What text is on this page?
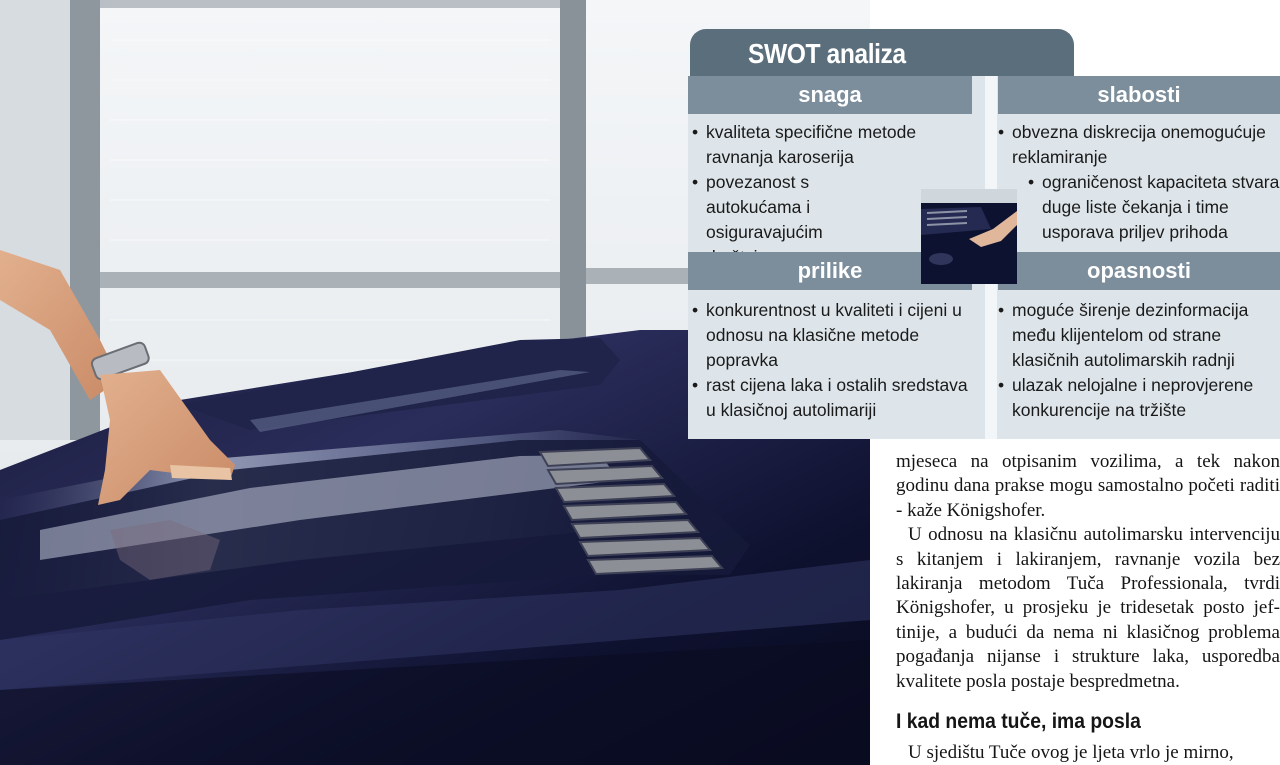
SWOT analiza
snaga
• kvaliteta specifične metode ravnanja karoserija
• povezanost s autokućama i osiguravajućim
slabosti
• obvezna diskrecija onemogućuje reklamiranje
• ograničenost kapaciteta stvara duge liste čekanja i time usporava priljev prihoda
prilike
• konkurentnost u kvaliteti i cijeni u odnosu na klasične metode popravka
• rast cijena laka i ostalih sredstava u klasičnoj autolimariji
opasnosti
• moguće širenje dezinformacija među klijentelom od strane klasičnih autolimarskih radnji
• ulazak nelojalne i neprovjerene konkurencije na tržište

mjeseca na otpisanim vozilima, a tek nakon godinu dana prakse mogu samostalno početi raditi - kaže Königshofer.

U odnosu na klasičnu autolimarsku intervenciju s kitanjem i lakiranjem, ravnanje vozila bez lakiranja metodom Tuča Professionala, tvrdi Königshofer, u prosjeku je tridesetak posto jeftinije, a budući da nema ni klasičnog problema pogađanja nijanse i strukture laka, usporedba kvalitete posla postaje bespredmetna.

I kad nema tuče, ima posla
U sjedištu Tuče ovog je ljeta vrlo je mirno,
